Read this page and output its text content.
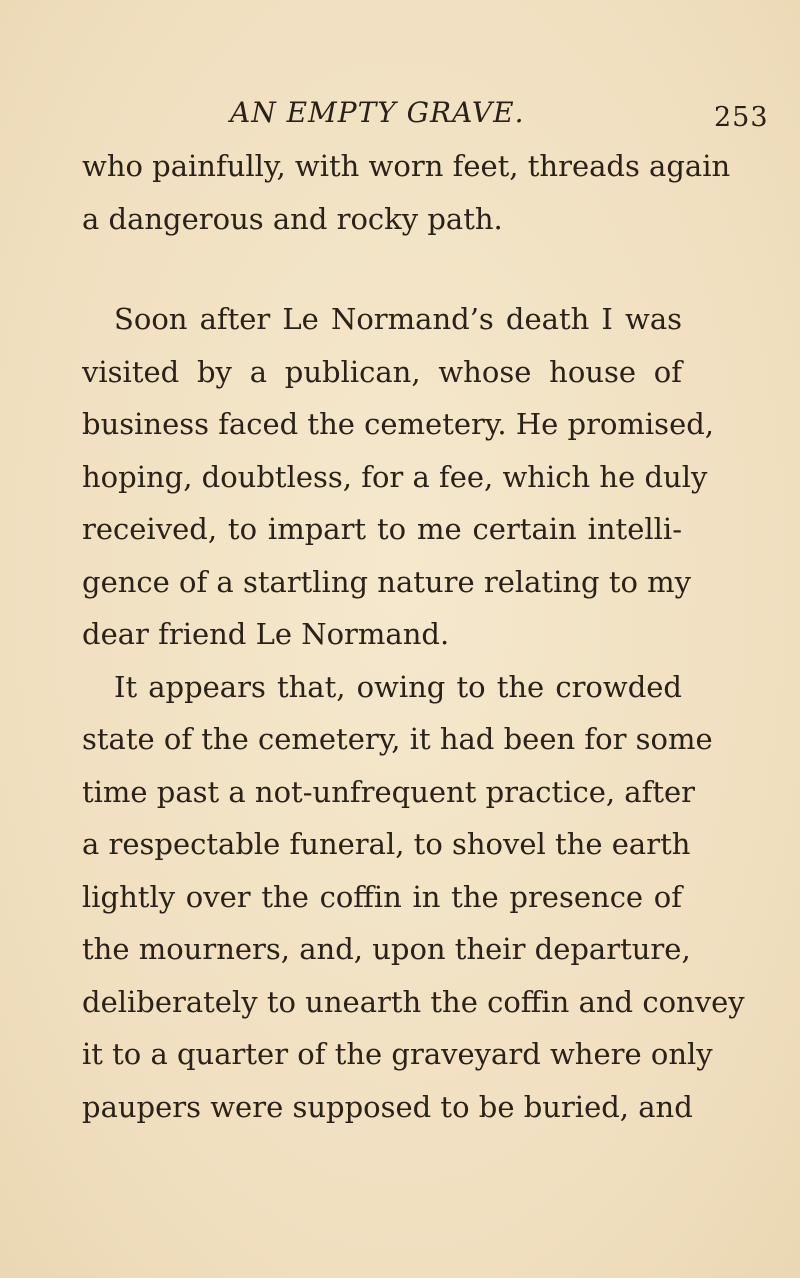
AN EMPTY GRAVE.	253
who painfully, with worn feet, threads again
a dangerous and rocky path.
Soon after Le Normand’s death I was
visited by a publican, whose house of
business faced the cemetery. He promised,
hoping, doubtless, for a fee, which he duly
received, to impart to me certain intelli-
gence of a startling nature relating to my
dear friend Le Normand.
It appears that, owing to the crowded
state of the cemetery, it had been for some
time past a not-unfrequent practice, after
a respectable funeral, to shovel the earth
lightly over the coffin in the presence of
the mourners, and, upon their departure,
deliberately to unearth the coffin and convey
it to a quarter of the graveyard where only
paupers were supposed to be buried, and
